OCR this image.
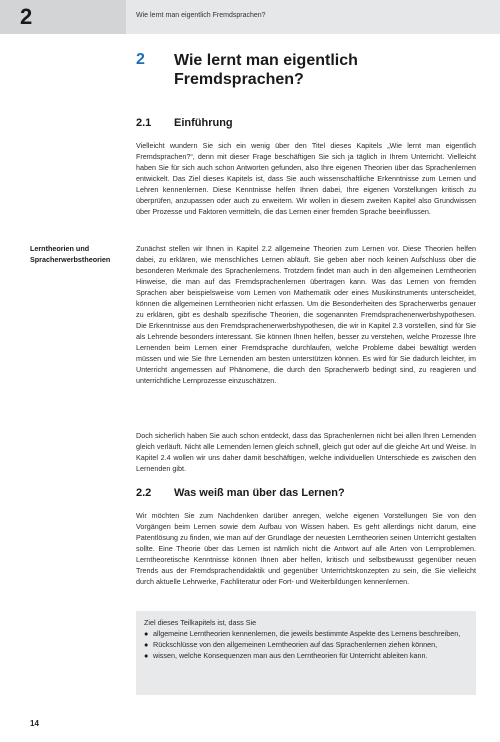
2	Wie lernt man eigentlich Fremdsprachen?
2 Wie lernt man eigentlich Fremdsprachen?
2.1 Einführung

Vielleicht wundern Sie sich ein wenig über den Titel dieses Kapitels „Wie lernt man eigentlich Fremdsprachen?“, denn mit dieser Frage beschäftigen Sie sich ja täglich in Ihrem Unterricht. Vielleicht haben Sie für sich auch schon Antworten gefunden, also Ihre eigenen Theorien über das Sprachenlernen entwickelt. Das Ziel dieses Kapitels ist, dass Sie auch wissenschaftliche Erkenntnisse zum Lernen und Lehren kennenlernen. Diese Kenntnisse helfen Ihnen dabei, Ihre eigenen Vorstellungen kritisch zu überprüfen, anzupassen oder auch zu erweitern. Wir wollen in diesem zweiten Kapitel also Grundwissen über Prozesse und Faktoren vermitteln, die das Lernen einer fremden Sprache beeinflussen.

Lerntheorien und Spracherwerbstheorien

Zunächst stellen wir Ihnen in Kapitel 2.2 allgemeine Theorien zum Lernen vor. Diese Theorien helfen dabei, zu erklären, wie menschliches Lernen abläuft. Sie geben aber noch keinen Aufschluss über die besonderen Merkmale des Sprachenlernens. Trotzdem findet man auch in den allgemeinen Lerntheorien Hinweise, die man auf das Fremdsprachenlernen übertragen kann. Was das Lernen von fremden Sprachen aber beispielsweise vom Lernen von Mathematik oder eines Musikinstruments unterscheidet, können die allgemeinen Lerntheorien nicht erfassen. Um die Besonderheiten des Spracherwerbs genauer zu erklären, gibt es deshalb spezifische Theorien, die sogenannten Fremdsprachenerwerbshypothesen. Die Erkenntnisse aus den Fremdsprachenerwerbshypothesen, die wir in Kapitel 2.3 vorstellen, sind für Sie als Lehrende besonders interessant. Sie können Ihnen helfen, besser zu verstehen, welche Prozesse Ihre Lernenden beim Lernen einer Fremdsprache durchlaufen, welche Probleme dabei bewältigt werden müssen und wie Sie Ihre Lernenden am besten unterstützen können. Es wird für Sie dadurch leichter, im Unterricht angemessen auf Phänomene, die durch den Spracherwerb bedingt sind, zu reagieren und unterrichtliche Lernprozesse einzuschätzen.

Doch sicherlich haben Sie auch schon entdeckt, dass das Sprachenlernen nicht bei allen Ihren Lernenden gleich verläuft. Nicht alle Lernenden lernen gleich schnell, gleich gut oder auf die gleiche Art und Weise. In Kapitel 2.4 wollen wir uns daher damit beschäftigen, welche individuellen Unterschiede es zwischen den Lernenden gibt.

2.2 Was weiß man über das Lernen?

Wir möchten Sie zum Nachdenken darüber anregen, welche eigenen Vorstellungen Sie von den Vorgängen beim Lernen sowie dem Aufbau von Wissen haben. Es geht allerdings nicht darum, eine Patentlösung zu finden, wie man auf der Grundlage der neuesten Lerntheorien seinen Unterricht gestalten sollte. Eine Theorie über das Lernen ist nämlich nicht die Antwort auf alle Arten von Lernproblemen. Lerntheoretische Kenntnisse können Ihnen aber helfen, kritisch und selbstbewusst gegenüber neuen Trends aus der Fremdsprachendidaktik und gegenüber Unterrichtskonzepten zu sein, die Sie vielleicht durch aktuelle Lehrwerke, Fachliteratur oder Fort- und Weiterbildungen kennenlernen.

Ziel dieses Teilkapitels ist, dass Sie
● allgemeine Lerntheorien kennenlernen, die jeweils bestimmte Aspekte des Lernens beschreiben,
● Rückschlüsse von den allgemeinen Lerntheorien auf das Sprachenlernen ziehen können,
● wissen, welche Konsequenzen man aus den Lerntheorien für Unterricht ableiten kann.
14
